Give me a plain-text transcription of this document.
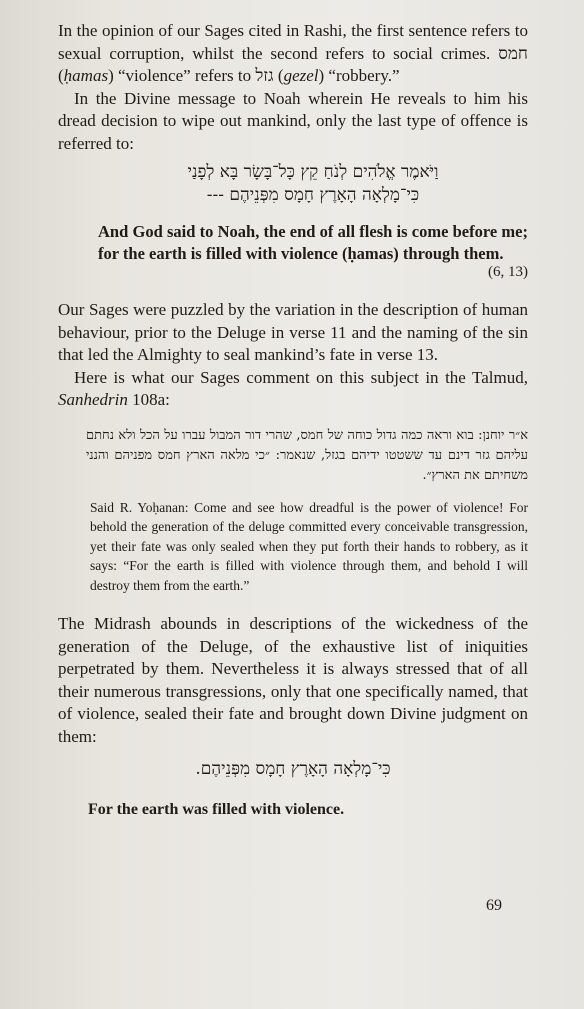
In the opinion of our Sages cited in Rashi, the first sentence refers to sexual corruption, whilst the second refers to social crimes. חמס (ḥamas) “violence” refers to גזל (gezel) “robbery.”

In the Divine message to Noah wherein He reveals to him his dread decision to wipe out mankind, only the last type of offence is referred to:

וַיֹּאמֶר אֱלֹהִים לְנֹחַ קֵץ כָּל־בָּשָׂר בָּא לְפָנַי
כִּי־מָלְאָה הָאָרֶץ חָמָס מִפְּנֵיהֶם ---

And God said to Noah, the end of all flesh is come before me; for the earth is filled with violence (ḥamas) through them.

(6, 13)

Our Sages were puzzled by the variation in the description of human behaviour, prior to the Deluge in verse 11 and the naming of the sin that led the Almighty to seal mankind’s fate in verse 13.

Here is what our Sages comment on this subject in the Talmud, Sanhedrin 108a:

א״ר יוחנן: בוא וראה כמה גדול כוחה של חמס, שהרי דור המבול עברו על הכל ולא נחתם עליהם גזר דינם עד ששטטו ידיהם בגזל, שנאמר: ״כי מלאה הארץ חמס מפניהם והנני משחיתם את הארץ״.

Said R. Yoḥanan: Come and see how dreadful is the power of violence! For behold the generation of the deluge committed every conceivable transgression, yet their fate was only sealed when they put forth their hands to robbery, as it says: “For the earth is filled with violence through them, and behold I will destroy them from the earth.”

The Midrash abounds in descriptions of the wickedness of the generation of the Deluge, of the exhaustive list of iniquities perpetrated by them. Nevertheless it is always stressed that of all their numerous transgressions, only that one specifically named, that of violence, sealed their fate and brought down Divine judgment on them:

כִּי־מָלְאָה הָאָרֶץ חָמָס מִפְּנֵיהֶם.

For the earth was filled with violence.

69
